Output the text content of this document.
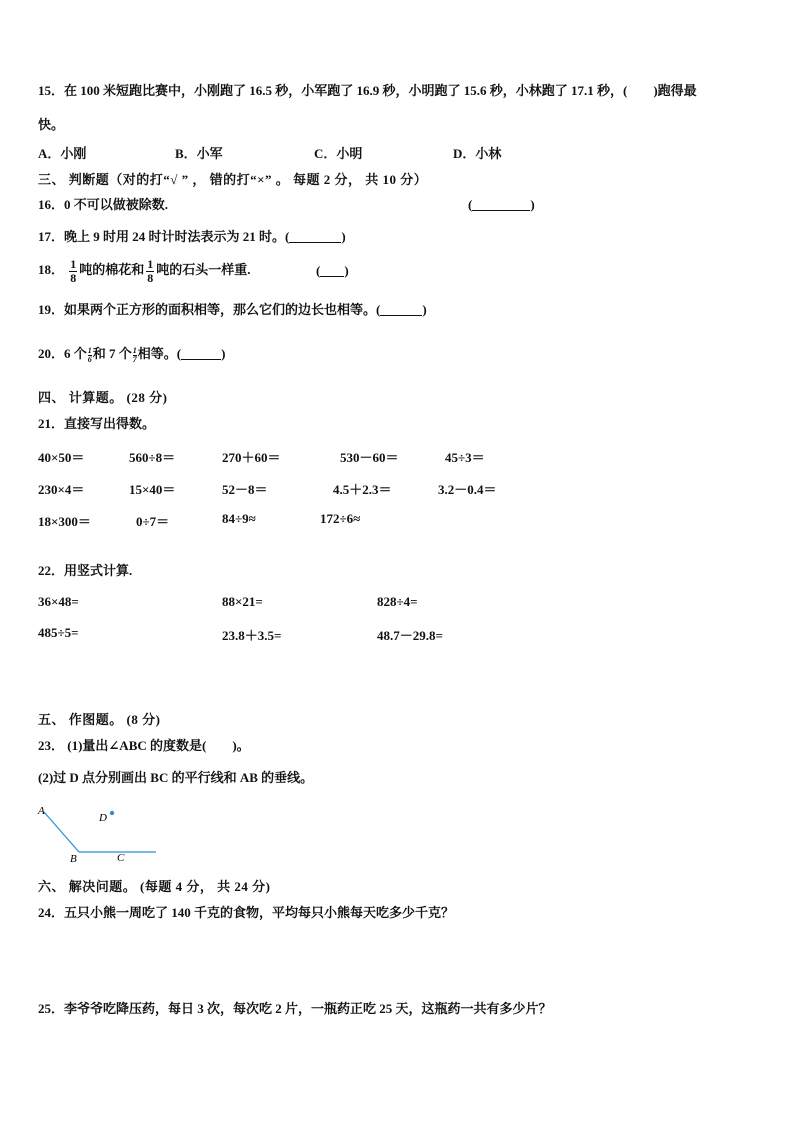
15．在 100 米短跑比赛中，小刚跑了 16.5 秒，小军跑了 16.9 秒，小明跑了 15.6 秒，小林跑了 17.1 秒，(　　)跑得最
快。
A．小刚	B．小军	C．小明	D．小林
三、 判断题（对的打“√ ” ， 错的打“×” 。 每题 2 分， 共 10 分）
16．0 不可以做被除数.	(	)
17．晚上 9 时用 24 时计时法表示为 21 时。(	)
18． $\frac{1}{8}$ 吨的棉花和 $\frac{1}{8}$ 吨的石头一样重.	( )
19．如果两个正方形的面积相等，那么它们的边长也相等。(	)
20．6 个 $\frac{1}{6}$ 和 7 个 $\frac{1}{7}$ 相等。(	)
四、 计算题。 (28 分)
21．直接写出得数。
40×50＝	560÷8＝	270＋60＝	530－60＝	45÷3＝
230×4＝	15×40＝	52－8＝	4.5＋2.3＝	3.2－0.4＝
18×300＝	0÷7＝	84÷9≈	172÷6≈
22．用竖式计算.
36×48=	88×21=	828÷4=
485÷5=	23.8＋3.5=	48.7－29.8=
五、 作图题。 (8 分)
23． (1)量出∠ABC 的度数是(　　)。
(2)过 D 点分别画出 BC 的平行线和 AB 的垂线。
A
B	C
D
六、 解决问题。 (每题 4 分， 共 24 分)
24．五只小熊一周吃了 140 千克的食物，平均每只小熊每天吃多少千克？
25．李爷爷吃降压药，每日 3 次，每次吃 2 片，一瓶药正吃 25 天，这瓶药一共有多少片？
